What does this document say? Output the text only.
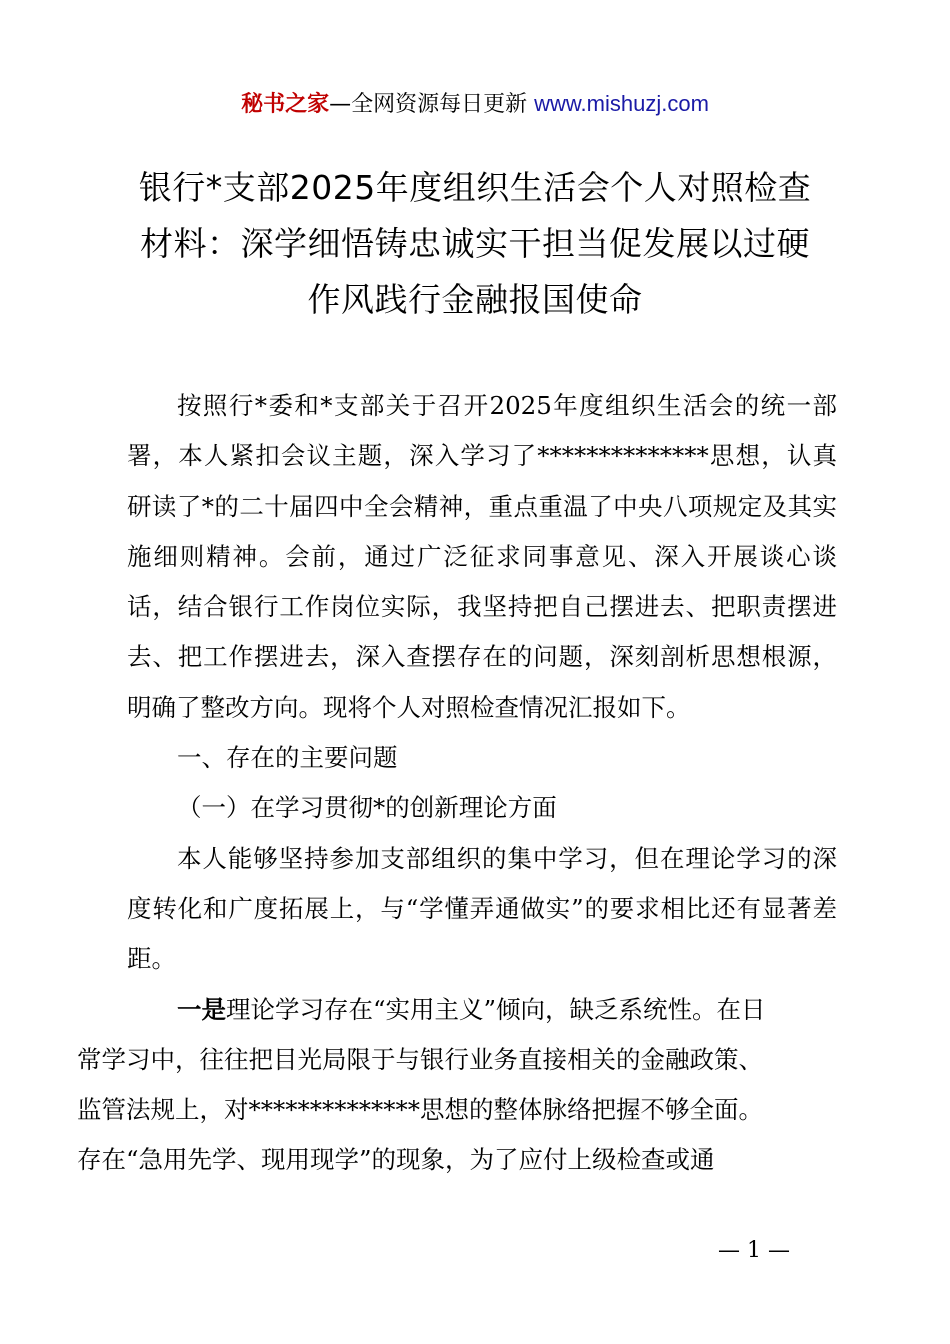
秘书之家—全网资源每日更新 www.mishuzj.com
银行*支部2025年度组织生活会个人对照检查
材料：深学细悟铸忠诚实干担当促发展以过硬
作风践行金融报国使命

按照行*委和*支部关于召开2025年度组织生活会的统一部署，本人紧扣会议主题，深入学习了**************思想，认真研读了*的二十届四中全会精神，重点重温了中央八项规定及其实施细则精神。会前，通过广泛征求同事意见、深入开展谈心谈话，结合银行工作岗位实际，我坚持把自己摆进去、把职责摆进去、把工作摆进去，深入查摆存在的问题，深刻剖析思想根源，明确了整改方向。现将个人对照检查情况汇报如下。

一、存在的主要问题

（一）在学习贯彻*的创新理论方面

本人能够坚持参加支部组织的集中学习，但在理论学习的深度转化和广度拓展上，与“学懂弄通做实”的要求相比还有显著差距。

一是理论学习存在“实用主义”倾向，缺乏系统性。在日
常学习中，往往把目光局限于与银行业务直接相关的金融政策、
监管法规上，对**************思想的整体脉络把握不够全面。
存在“急用先学、现用现学”的现象，为了应付上级检查或通

— 1 —
